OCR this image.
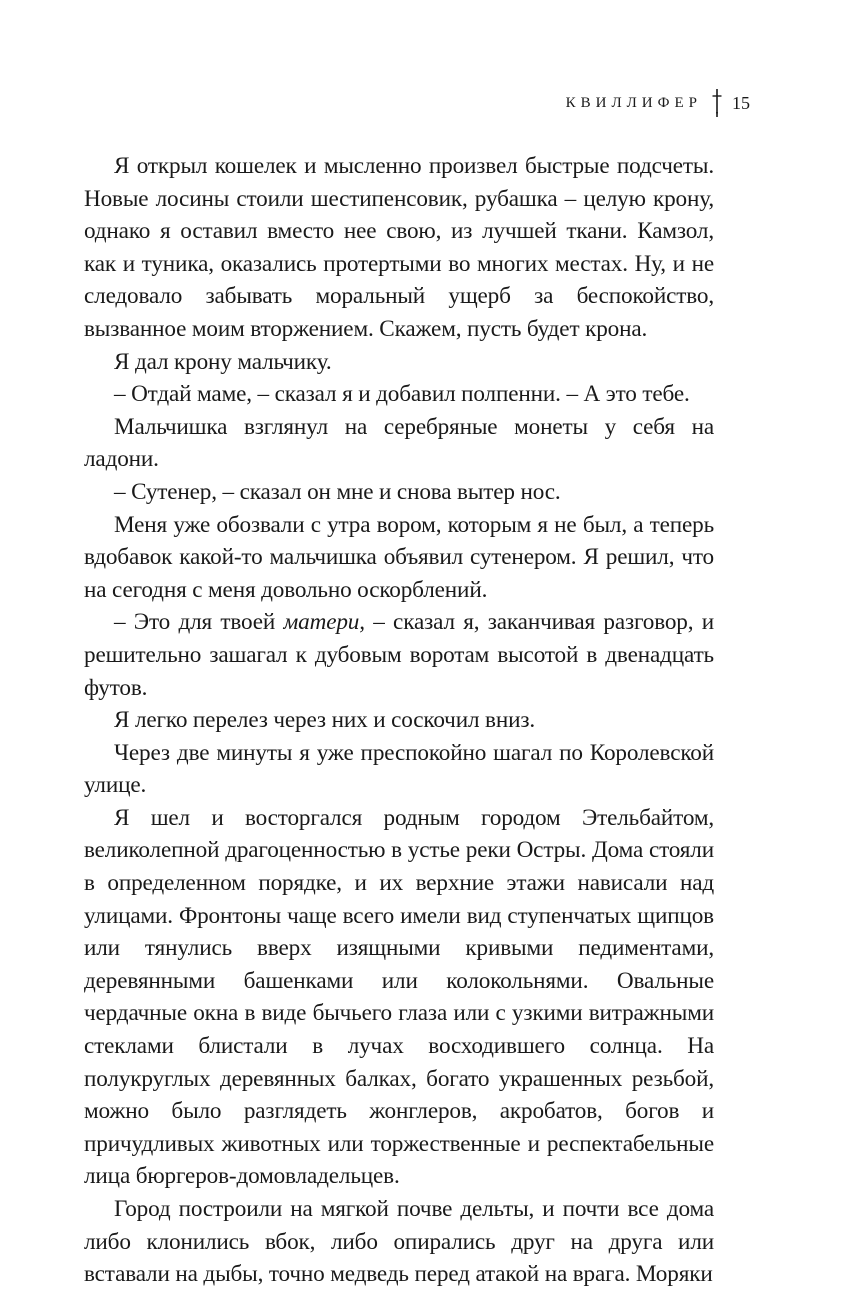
КВИЛЛИФЕР 15

Я открыл кошелек и мысленно произвел быстрые подсчеты. Новые лосины стоили шестипенсовик, рубашка – целую крону, однако я оставил вместо нее свою, из лучшей ткани. Камзол, как и туника, оказались протертыми во многих местах. Ну, и не следовало забывать моральный ущерб за беспокойство, вызванное моим вторжением. Скажем, пусть будет крона.

Я дал крону мальчику.

– Отдай маме, – сказал я и добавил полпенни. – А это тебе.

Мальчишка взглянул на серебряные монеты у себя на ладони.

– Сутенер, – сказал он мне и снова вытер нос.

Меня уже обозвали с утра вором, которым я не был, а теперь вдобавок какой-то мальчишка объявил сутенером. Я решил, что на сегодня с меня довольно оскорблений.

– Это для твоей матери, – сказал я, заканчивая разговор, и решительно зашагал к дубовым воротам высотой в двенадцать футов.

Я легко перелез через них и соскочил вниз.

Через две минуты я уже преспокойно шагал по Королевской улице.

Я шел и восторгался родным городом Этельбайтом, великолепной драгоценностью в устье реки Остры. Дома стояли в определенном порядке, и их верхние этажи нависали над улицами. Фронтоны чаще всего имели вид ступенчатых щипцов или тянулись вверх изящными кривыми педиментами, деревянными башенками или колокольнями. Овальные чердачные окна в виде бычьего глаза или с узкими витражными стеклами блистали в лучах восходившего солнца. На полукруглых деревянных балках, богато украшенных резьбой, можно было разглядеть жонглеров, акробатов, богов и причудливых животных или торжественные и респектабельные лица бюргеров-домовладельцев.

Город построили на мягкой почве дельты, и почти все дома либо клонились вбок, либо опирались друг на друга или вставали на дыбы, точно медведь перед атакой на врага. Моряки
